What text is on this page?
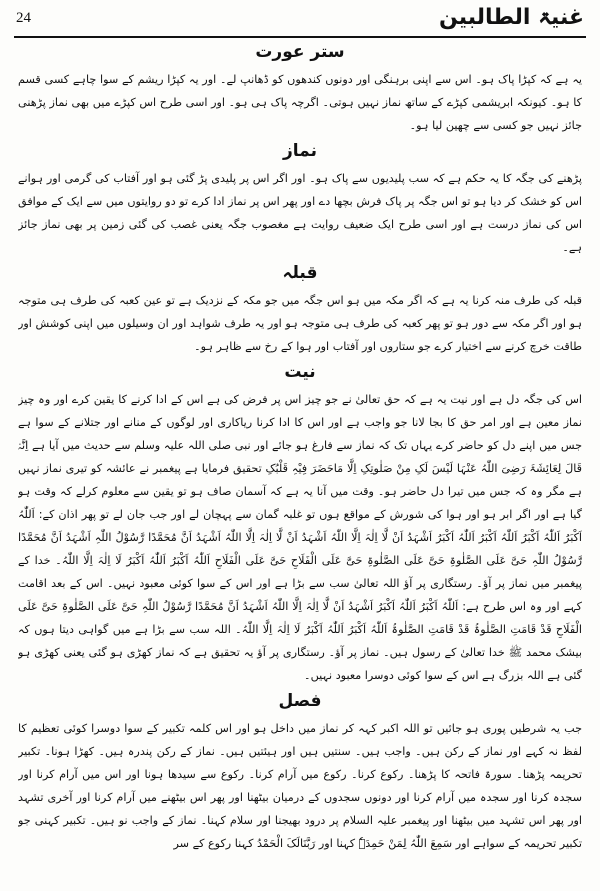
24	غنیۃ الطالبین
ستر عورت

یہ ہے کہ کپڑا پاک ہو۔ اس سے اپنی برہنگی اور دونوں کندھوں کو ڈھانپ لے۔ اور یہ کپڑا ریشم کے سوا چاہے کسی قسم کا ہو۔ کیونکہ ابریشمی کپڑے کے ساتھ نماز نہیں ہوتی۔ اگرچہ پاک ہی ہو۔ اور اسی طرح اس کپڑے میں بھی نماز پڑھنی جائز نہیں جو کسی سے چھین لیا ہو۔

نماز

پڑھنے کی جگہ کا یہ حکم ہے کہ سب پلیدیوں سے پاک ہو۔ اور اگر اس پر پلیدی پڑ گئی ہو اور آفتاب کی گرمی اور ہوانے اس کو خشک کر دیا ہو تو اس جگہ پر پاک فرش بچھا دے اور پھر اس پر نماز ادا کرے تو دو روایتوں میں سے ایک کے موافق اس کی نماز درست ہے اور اسی طرح ایک ضعیف روایت ہے مغصوب جگہ یعنی غصب کی گئی زمین پر بھی نماز جائز ہے۔

قبلہ

قبلہ کی طرف منہ کرنا یہ ہے کہ اگر مکہ میں ہو اس جگہ میں جو مکہ کے نزدیک ہے تو عین کعبہ کی طرف ہی متوجہ ہو اور اگر مکہ سے دور ہو تو پھر کعبہ کی طرف ہی متوجہ ہو اور یہ طرف شواہد اور ان وسیلوں میں اپنی کوشش اور طاقت خرچ کرنے سے اختیار کرے جو ستاروں اور آفتاب اور ہوا کے رخ سے ظاہر ہو۔

نیت

اس کی جگہ دل ہے اور نیت یہ ہے کہ حق تعالیٰ نے جو چیز اس پر فرض کی ہے اس کے ادا کرنے کا یقین کرے اور وہ چیز نماز معین ہے اور امر حق کا بجا لانا جو واجب ہے اور اس کا ادا کرنا ریاکاری اور لوگوں کے منانے اور جتلانے کے سوا ہے جس میں اپنے دل کو حاضر کرے یہاں تک کہ نماز سے فارغ ہو جائے اور نبی صلی اللہ علیہ وسلم سے حدیث میں آیا ہے اِنَّہٗ قَالَ لِعَائِشَۃَ رَضِیَ اللّٰہُ عَنْہَا لَیْسَ لَکِ مِنْ صَلٰوتِکِ اِلَّا مَاحَضَرَ فِیْہِ قَلْبُکِ تحقیق فرمایا ہے پیغمبر نے عائشہ کو تیری نماز نہیں ہے مگر وہ کہ جس میں تیرا دل حاضر ہو۔ وقت میں آنا یہ ہے کہ آسمان صاف ہو تو یقین سے معلوم کرلے کہ وقت ہو گیا ہے اور اگر ابر ہو اور ہوا کی شورش کے مواقع ہوں تو غلبہ گمان سے پہچان لے اور جب جان لے تو پھر اذان کے: اَللّٰہُ اَکْبَرُ اَللّٰہُ اَکْبَرُ اَللّٰہُ اَکْبَرُ اَللّٰہُ اَکْبَرُ اَشْہَدُ اَنْ لَّا اِلٰہَ اِلَّا اللّٰہُ اَشْہَدُ اَنْ لَّا اِلٰہَ اِلَّا اللّٰہُ اَشْہَدُ اَنَّ مُحَمَّدًا رَّسُوْلُ اللّٰہِ اَشْہَدُ اَنَّ مُحَمَّدًا رَّسُوْلُ اللّٰہِ حَیَّ عَلَی الصَّلٰوۃِ حَیَّ عَلَی الصَّلٰوۃِ حَیَّ عَلَی الْفَلَاحِ حَیَّ عَلَی الْفَلَاحِ اَللّٰہُ اَکْبَرُ اَللّٰہُ اَکْبَرُ لَا اِلٰہَ اِلَّا اللّٰہُ۔ خدا کے پیغمبر میں نماز پر آؤ۔ رستگاری پر آؤ اللہ تعالیٰ سب سے بڑا ہے اور اس کے سوا کوئی معبود نہیں۔ اس کے بعد اقامت کہے اور وہ اس طرح ہے: اَللّٰہُ اَکْبَرُ اَللّٰہُ اَکْبَرُ اَشْہَدُ اَنْ لَّا اِلٰہَ اِلَّا اللّٰہُ اَشْہَدُ اَنَّ مُحَمَّدًا رَّسُوْلُ اللّٰہِ حَیَّ عَلَی الصَّلٰوۃِ حَیَّ عَلَی الْفَلَاحِ قَدْ قَامَتِ الصَّلٰوۃُ قَدْ قَامَتِ الصَّلٰوۃُ اَللّٰہُ اَکْبَرُ اَللّٰہُ اَکْبَرُ لَا اِلٰہَ اِلَّا اللّٰہُ۔ اللہ سب سے بڑا ہے میں گواہی دیتا ہوں کہ بیشک محمد ﷺ خدا تعالیٰ کے رسول ہیں۔ نماز پر آؤ۔ رستگاری پر آؤ یہ تحقیق ہے کہ نماز کھڑی ہو گئی یعنی کھڑی ہو گئی ہے اللہ بزرگ ہے اس کے سوا کوئی دوسرا معبود نہیں۔

فصل

جب یہ شرطیں پوری ہو جائیں تو اللہ اکبر کہہ کر نماز میں داخل ہو اور اس کلمہ تکبیر کے سوا دوسرا کوئی تعظیم کا لفظ نہ کہے اور نماز کے رکن ہیں۔ واجب ہیں۔ سنتیں ہیں اور ہیئتیں ہیں۔ نماز کے رکن پندرہ ہیں۔ کھڑا ہونا۔ تکبیر تحریمہ پڑھنا۔ سورۃ فاتحہ کا پڑھنا۔ رکوع کرنا۔ رکوع میں آرام کرنا۔ رکوع سے سیدھا ہونا اور اس میں آرام کرنا اور سجدہ کرنا اور سجدہ میں آرام کرنا اور دونوں سجدوں کے درمیان بیٹھنا اور پھر اس بیٹھنے میں آرام کرنا اور آخری تشہد اور پھر اس تشہد میں بیٹھنا اور پیغمبر علیہ السلام پر درود بھیجنا اور سلام کہنا۔ نماز کے واجب نو ہیں۔ تکبیر کہنی جو تکبیر تحریمہ کے سواہے اور سَمِعَ اللّٰہُ لِمَنْ حَمِدَہٗ کہنا اور رَبَّنَالَکَ الْحَمْدُ کہنا رکوع کے سر
